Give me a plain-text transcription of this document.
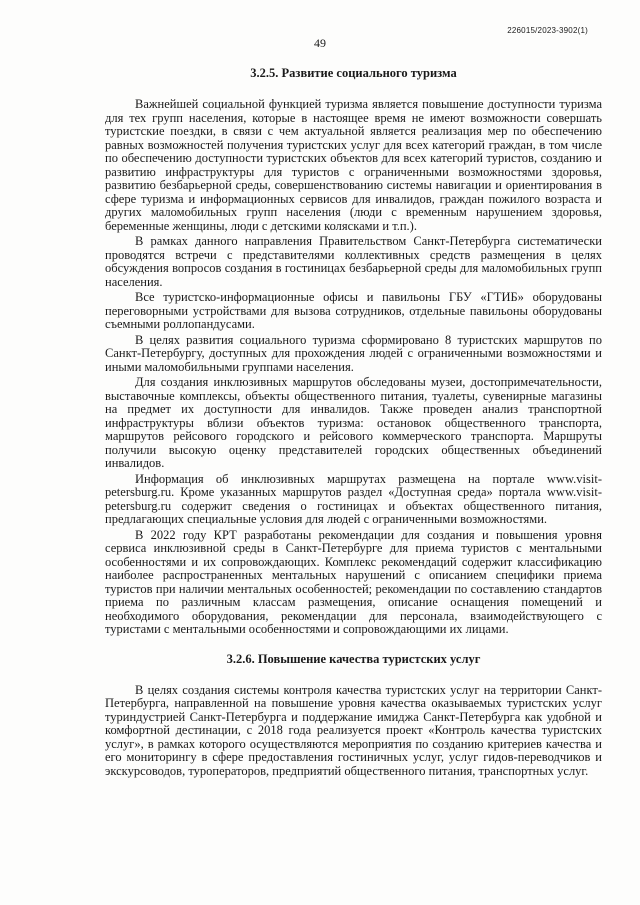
226015/2023-3902(1)
49
3.2.5. Развитие социального туризма

Важнейшей социальной функцией туризма является повышение доступности туризма для тех групп населения, которые в настоящее время не имеют возможности совершать туристские поездки, в связи с чем актуальной является реализация мер по обеспечению равных возможностей получения туристских услуг для всех категорий граждан, в том числе по обеспечению доступности туристских объектов для всех категорий туристов, созданию и развитию инфраструктуры для туристов с ограниченными возможностями здоровья, развитию безбарьерной среды, совершенствованию системы навигации и ориентирования в сфере туризма и информационных сервисов для инвалидов, граждан пожилого возраста и других маломобильных групп населения (люди с временным нарушением здоровья, беременные женщины, люди с детскими колясками и т.п.).

В рамках данного направления Правительством Санкт-Петербурга систематически проводятся встречи с представителями коллективных средств размещения в целях обсуждения вопросов создания в гостиницах безбарьерной среды для маломобильных групп населения.

Все туристско-информационные офисы и павильоны ГБУ «ГТИБ» оборудованы переговорными устройствами для вызова сотрудников, отдельные павильоны оборудованы съемными роллопандусами.

В целях развития социального туризма сформировано 8 туристских маршрутов по Санкт-Петербургу, доступных для прохождения людей с ограниченными возможностями и иными маломобильными группами населения.

Для создания инклюзивных маршрутов обследованы музеи, достопримечательности, выставочные комплексы, объекты общественного питания, туалеты, сувенирные магазины на предмет их доступности для инвалидов. Также проведен анализ транспортной инфраструктуры вблизи объектов туризма: остановок общественного транспорта, маршрутов рейсового городского и рейсового коммерческого транспорта. Маршруты получили высокую оценку представителей городских общественных объединений инвалидов.

Информация об инклюзивных маршрутах размещена на портале www.visit-petersburg.ru. Кроме указанных маршрутов раздел «Доступная среда» портала www.visit-petersburg.ru содержит сведения о гостиницах и объектах общественного питания, предлагающих специальные условия для людей с ограниченными возможностями.

В 2022 году КРТ разработаны рекомендации для создания и повышения уровня сервиса инклюзивной среды в Санкт-Петербурге для приема туристов с ментальными особенностями и их сопровождающих. Комплекс рекомендаций содержит классификацию наиболее распространенных ментальных нарушений с описанием специфики приема туристов при наличии ментальных особенностей; рекомендации по составлению стандартов приема по различным классам размещения, описание оснащения помещений и необходимого оборудования, рекомендации для персонала, взаимодействующего с туристами с ментальными особенностями и сопровождающими их лицами.

3.2.6. Повышение качества туристских услуг

В целях создания системы контроля качества туристских услуг на территории Санкт-Петербурга, направленной на повышение уровня качества оказываемых туристских услуг туриндустрией Санкт-Петербурга и поддержание имиджа Санкт-Петербурга как удобной и комфортной дестинации, с 2018 года реализуется проект «Контроль качества туристских услуг», в рамках которого осуществляются мероприятия по созданию критериев качества и его мониторингу в сфере предоставления гостиничных услуг, услуг гидов-переводчиков и экскурсоводов, туроператоров, предприятий общественного питания, транспортных услуг.
